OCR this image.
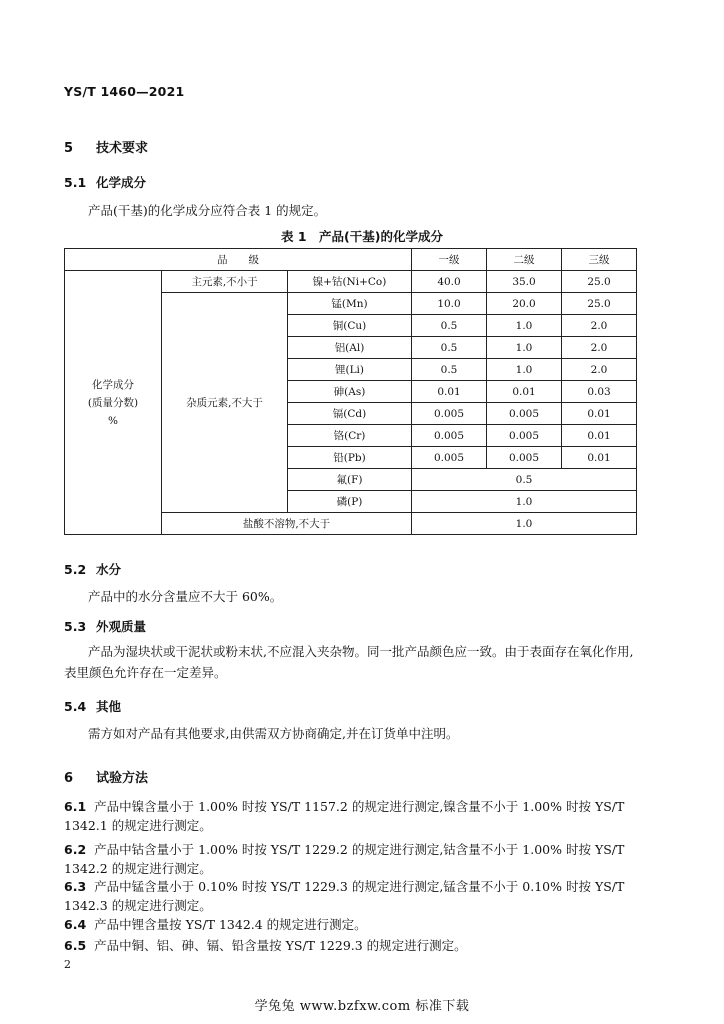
YS/T 1460—2021
5 技术要求
5.1 化学成分
产品(干基)的化学成分应符合表 1 的规定。
表 1　产品(干基)的化学成分
品　　级			一级	二级	三级

化学成分
(质量分数)
%	主元素,不小于	镍+钴(Ni+Co)	40.0	35.0	25.0
	杂质元素,不大于	锰(Mn)	10.0	20.0	25.0
		铜(Cu)	0.5	1.0	2.0
		铝(Al)	0.5	1.0	2.0
		锂(Li)	0.5	1.0	2.0
		砷(As)	0.01	0.01	0.03
		镉(Cd)	0.005	0.005	0.01
		铬(Cr)	0.005	0.005	0.01
		铅(Pb)	0.005	0.005	0.01
		氟(F)	0.5		
		磷(P)	1.0		
	盐酸不溶物,不大于		1.0		
5.2 水分
产品中的水分含量应不大于 60%。
5.3 外观质量
产品为湿块状或干泥状或粉末状,不应混入夹杂物。同一批产品颜色应一致。由于表面存在氧化作用,表里颜色允许存在一定差异。
5.4 其他
需方如对产品有其他要求,由供需双方协商确定,并在订货单中注明。
6 试验方法
6.1 产品中镍含量小于 1.00% 时按 YS/T 1157.2 的规定进行测定,镍含量不小于 1.00% 时按 YS/T 1342.1 的规定进行测定。
6.2 产品中钴含量小于 1.00% 时按 YS/T 1229.2 的规定进行测定,钴含量不小于 1.00% 时按 YS/T 1342.2 的规定进行测定。
6.3 产品中锰含量小于 0.10% 时按 YS/T 1229.3 的规定进行测定,锰含量不小于 0.10% 时按 YS/T 1342.3 的规定进行测定。
6.4 产品中锂含量按 YS/T 1342.4 的规定进行测定。
6.5 产品中铜、铝、砷、镉、铅含量按 YS/T 1229.3 的规定进行测定。
2
学兔兔 www.bzfxw.com 标准下载
